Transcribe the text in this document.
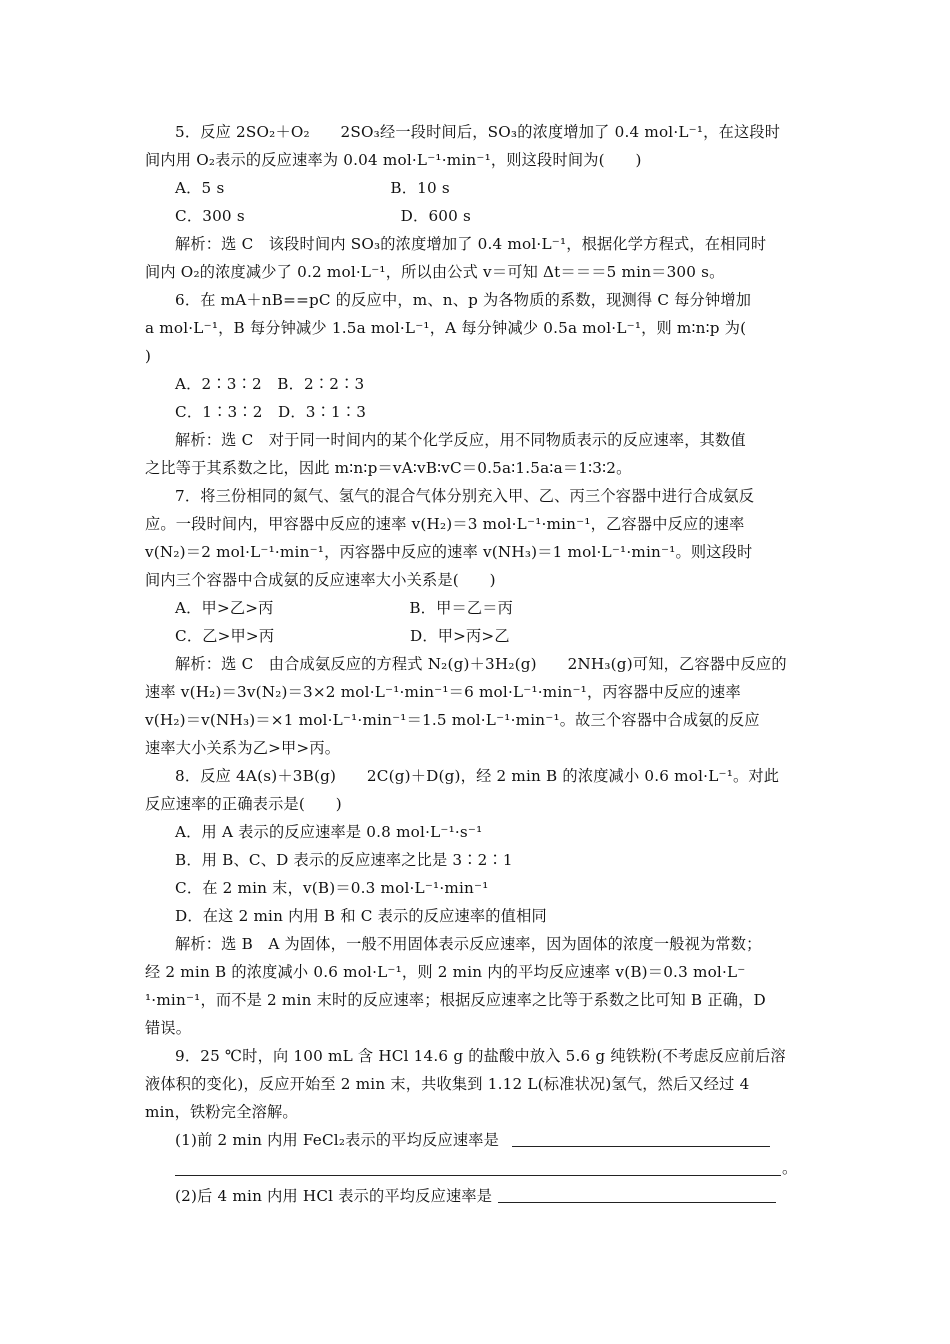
5．反应 2SO₂＋O₂　　2SO₃经一段时间后，SO₃的浓度增加了 0.4 mol·L⁻¹，在这段时
间内用 O₂表示的反应速率为 0.04 mol·L⁻¹·min⁻¹，则这段时间为(　　)
A．5 s                                 B．10 s
C．300 s                               D．600 s
解析：选 C　该段时间内 SO₃的浓度增加了 0.4 mol·L⁻¹，根据化学方程式，在相同时
间内 O₂的浓度减少了 0.2 mol·L⁻¹，所以由公式 v＝可知 Δt＝＝＝5 min＝300 s。
6．在 mA＋nB==pC 的反应中，m、n、p 为各物质的系数，现测得 C 每分钟增加
a mol·L⁻¹，B 每分钟减少 1.5a mol·L⁻¹，A 每分钟减少 0.5a mol·L⁻¹，则 m∶n∶p 为(
)
A．2∶3∶2　B．2∶2∶3
C．1∶3∶2　D．3∶1∶3
解析：选 C　对于同一时间内的某个化学反应，用不同物质表示的反应速率，其数值
之比等于其系数之比，因此 m∶n∶p＝vA∶vB∶vC＝0.5a∶1.5a∶a＝1∶3∶2。
7．将三份相同的氮气、氢气的混合气体分别充入甲、乙、丙三个容器中进行合成氨反
应。一段时间内，甲容器中反应的速率 v(H₂)＝3 mol·L⁻¹·min⁻¹，乙容器中反应的速率
v(N₂)＝2 mol·L⁻¹·min⁻¹，丙容器中反应的速率 v(NH₃)＝1 mol·L⁻¹·min⁻¹。则这段时
间内三个容器中合成氨的反应速率大小关系是(　　)
A．甲>乙>丙                           B．甲＝乙＝丙
C．乙>甲>丙                           D．甲>丙>乙
解析：选 C　由合成氨反应的方程式 N₂(g)＋3H₂(g)　　2NH₃(g)可知，乙容器中反应的
速率 v(H₂)＝3v(N₂)＝3×2 mol·L⁻¹·min⁻¹＝6 mol·L⁻¹·min⁻¹，丙容器中反应的速率
v(H₂)＝v(NH₃)＝×1 mol·L⁻¹·min⁻¹＝1.5 mol·L⁻¹·min⁻¹。故三个容器中合成氨的反应
速率大小关系为乙>甲>丙。
8．反应 4A(s)＋3B(g)　　2C(g)＋D(g)，经 2 min B 的浓度减小 0.6 mol·L⁻¹。对此
反应速率的正确表示是(　　)
A．用 A 表示的反应速率是 0.8 mol·L⁻¹·s⁻¹
B．用 B、C、D 表示的反应速率之比是 3∶2∶1
C．在 2 min 末，v(B)＝0.3 mol·L⁻¹·min⁻¹
D．在这 2 min 内用 B 和 C 表示的反应速率的值相同
解析：选 B　A 为固体，一般不用固体表示反应速率，因为固体的浓度一般视为常数；
经 2 min B 的浓度减小 0.6 mol·L⁻¹，则 2 min 内的平均反应速率 v(B)＝0.3 mol·L⁻
¹·min⁻¹，而不是 2 min 末时的反应速率；根据反应速率之比等于系数之比可知 B 正确，D
错误。
9．25 ℃时，向 100 mL 含 HCl 14.6 g 的盐酸中放入 5.6 g 纯铁粉(不考虑反应前后溶
液体积的变化)，反应开始至 2 min 末，共收集到 1.12 L(标准状况)氢气，然后又经过 4
min，铁粉完全溶解。
(1)前 2 min 内用 FeCl₂表示的平均反应速率是
。
(2)后 4 min 内用 HCl 表示的平均反应速率是
